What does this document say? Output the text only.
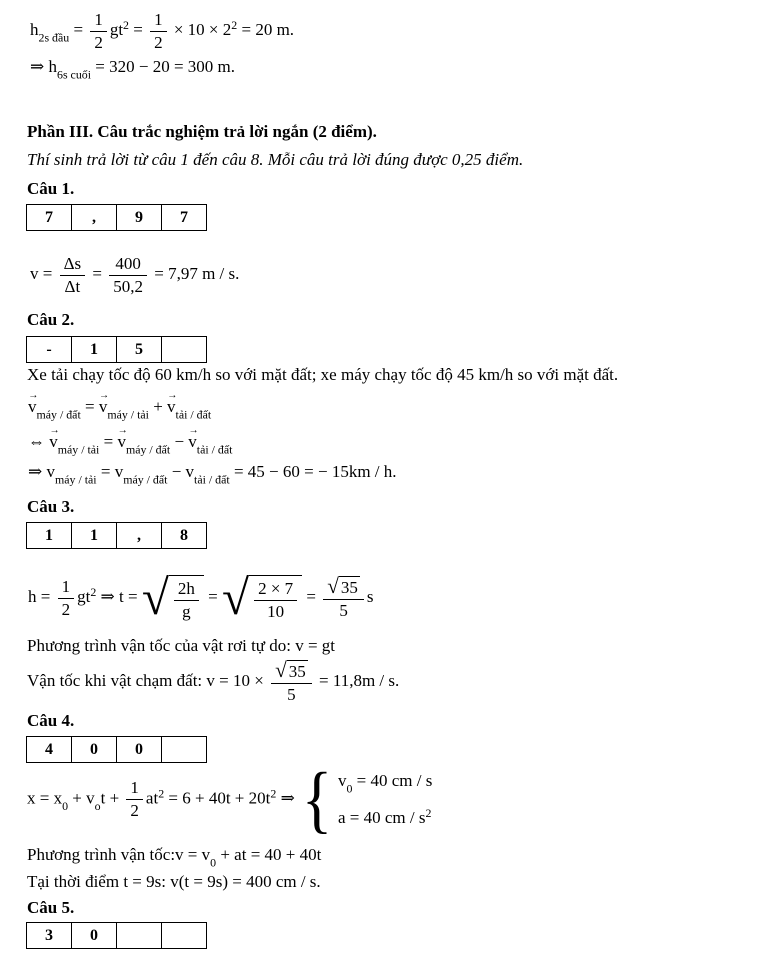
$h_{2s đầu} = \frac{1}{2} gt^2 = \frac{1}{2} \times 10 \times 2^2 = 20$ m.
⇒ $h_{6s cuối} = 320 - 20 = 300$ m.
Phần III. Câu trắc nghiệm trả lời ngắn (2 điểm).
Thí sinh trả lời từ câu 1 đến câu 8. Mỗi câu trả lời đúng được 0,25 điểm.
Câu 1.
7	,	9	7
$v = \frac{\Delta s}{\Delta t} = \frac{400}{50,2} = 7,97$ m / s.
Câu 2.
-	1	5
Xe tải chạy tốc độ 60 km/h so với mặt đất; xe máy chạy tốc độ 45 km/h so với mặt đất.
→ $v_{máy / đất}$ = → $v_{máy / tải}$ + → $v_{tải / đất}$
⇔ → $v_{máy / tải}$ = → $v_{máy / đất}$ − → $v_{tải / đất}$
⇒ $v_{máy / tải} = v_{máy / đất} - v_{tải / đất} = 45 - 60$ = − 15km / h.
Câu 3.
1	1	,	8
$h = \frac{1}{2} gt^2$ ⇒ t = √ $\frac{2h}{g}$ = √ $\frac{2 \times 7}{10} = \frac{√ 35}{5}$ s
Phương trình vận tốc của vật rơi tự do: v = gt
Vận tốc khi vật chạm đất: $v = 10 \times \frac{√ 35}{5} = 11,8m / s$.
Câu 4.
4	0	0
$x = x_0 + v_ot + \frac{1}{2} at^2 = 6 + 40t + 20t^2$ ⇒ { $v_0 = 40$ cm / s
a = 40 cm / $s^2$
Phương trình vận tốc:v = $v_0$ + at = 40 + 40t
Tại thời điểm t = 9s: v(t = 9s) = 400 cm / s.
Câu 5.
3	0
